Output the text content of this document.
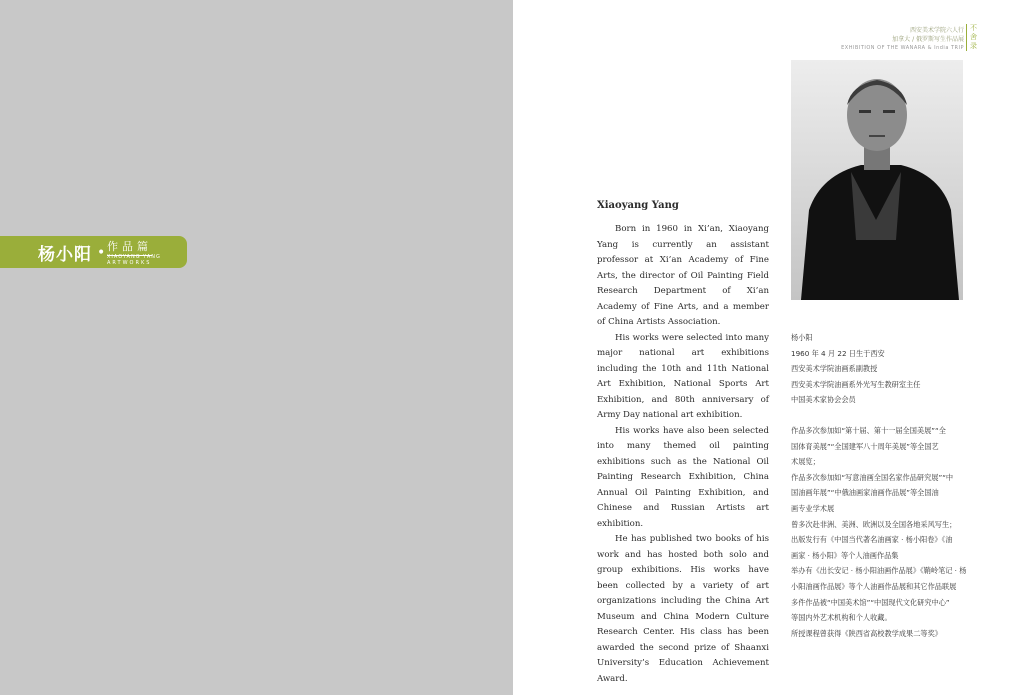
杨小阳 • 作品篇
XIAOYANG YANG
ARTWORKS
西安美术学院六人行
加拿大 / 俄罗斯写生作品展
EXHIBITION OF THE WANARA & India TRIP
不舍录
Xiaoyang Yang

Born in 1960 in Xi’an, Xiaoyang Yang is currently an assistant professor at Xi’an Academy of Fine Arts, the director of Oil Painting Field Research Department of Xi’an Academy of Fine Arts, and a member of China Artists Association.

His works were selected into many major national art exhibitions including the 10th and 11th National Art Exhibition, National Sports Art Exhibition, and 80th anniversary of Army Day national art exhibition.

His works have also been selected into many themed oil painting exhibitions such as the National Oil Painting Research Exhibition, China Annual Oil Painting Exhibition, and Chinese and Russian Artists art exhibition.

He has published two books of his work and has hosted both solo and group exhibitions. His works have been collected by a variety of art organizations including the China Art Museum and China Modern Culture Research Center. His class has been awarded the second prize of Shaanxi University’s Education Achievement Award.

杨小阳

1960 年 4 月 22 日生于西安

西安美术学院油画系副教授

西安美术学院油画系外光写生教研室主任

中国美术家协会会员

作品多次参加如“第十届、第十一届全国美展”“全

国体育美展”“全国建军八十周年美展”等全国艺

术展览；

作品多次参加如“写意油画全国名家作品研究展”“中

国油画年展”“中俄油画家油画作品展”等全国油

画专业学术展

曾多次赴非洲、美洲、欧洲以及全国各地采风写生；

出版发行有《中国当代著名油画家 · 杨小阳卷》《油

画家 · 杨小阳》等个人油画作品集

举办有《出长安记 · 杨小阳油画作品展》《鞘岭笔记 · 杨

小阳油画作品展》等个人油画作品展和其它作品联展

多件作品被“中国美术馆”“中国现代文化研究中心”

等国内外艺术机构和个人收藏。

所授课程曾获得《陕西省高校教学成果二等奖》
